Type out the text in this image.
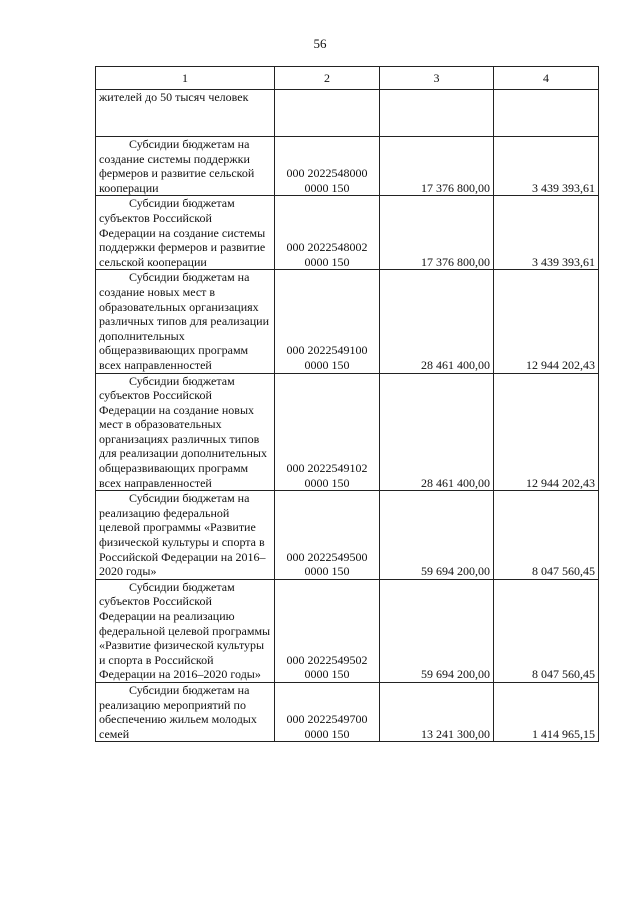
56
1	2	3	4
жителей до 50 тысяч человек			

Субсидии бюджетам на
создание системы поддержки фермеров и развитие сельской кооперации	000 2022548000
0000 150	17 376 800,00	3 439 393,61

Субсидии бюджетам
субъектов Российской Федерации на создание системы поддержки фермеров и развитие сельской кооперации	000 2022548002
0000 150	17 376 800,00	3 439 393,61

Субсидии бюджетам на
создание новых мест в образовательных организациях различных типов для реализации дополнительных общеразвивающих программ всех направленностей	000 2022549100
0000 150	28 461 400,00	12 944 202,43

Субсидии бюджетам
субъектов Российской Федерации на создание новых мест в образовательных организациях различных типов для реализации дополнительных общеразвивающих программ всех направленностей	000 2022549102
0000 150	28 461 400,00	12 944 202,43

Субсидии бюджетам на
реализацию федеральной целевой программы «Развитие физической культуры и спорта в Российской Федерации на 2016–2020 годы»	000 2022549500
0000 150	59 694 200,00	8 047 560,45

Субсидии бюджетам
субъектов Российской Федерации на реализацию федеральной целевой программы «Развитие физической культуры и спорта в Российской Федерации на 2016–2020 годы»	000 2022549502
0000 150	59 694 200,00	8 047 560,45

Субсидии бюджетам на
реализацию мероприятий по обеспечению жильем молодых семей	000 2022549700
0000 150	13 241 300,00	1 414 965,15
